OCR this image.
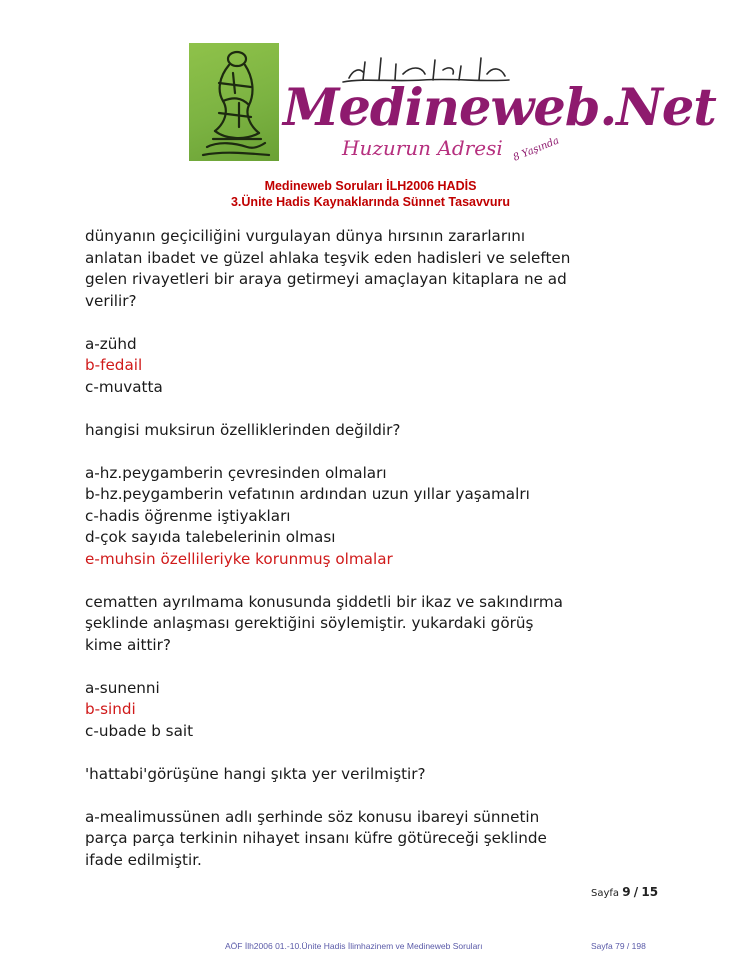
Medineweb.Net
Huzurun Adresi 8 Yaşında
Medineweb Soruları İLH2006 HADİS
3.Ünite Hadis Kaynaklarında Sünnet Tasavvuru

dünyanın geçiciliğini vurgulayan dünya hırsının zararlarını

anlatan ibadet ve güzel ahlaka teşvik eden hadisleri ve seleften

gelen rivayetleri bir araya getirmeyi amaçlayan kitaplara ne ad

verilir?

a-zühd

b-fedail

c-muvatta

hangisi muksirun özelliklerinden değildir?

a-hz.peygamberin çevresinden olmaları

b-hz.peygamberin vefatının ardından uzun yıllar yaşamalrı

c-hadis öğrenme iştiyakları

d-çok sayıda talebelerinin olması

e-muhsin özellileriyke korunmuş olmalar

cematten ayrılmama konusunda şiddetli bir ikaz ve sakındırma

şeklinde anlaşması gerektiğini söylemiştir. yukardaki görüş

kime aittir?

a-sunenni

b-sindi

c-ubade b sait

'hattabi'görüşüne hangi şıkta yer verilmiştir?

a-mealimussünen adlı şerhinde söz konusu ibareyi sünnetin

parça parça terkinin nihayet insanı küfre götüreceği şeklinde

ifade edilmiştir.

Sayfa 9 / 15
AÖF İlh2006 01.-10.Ünite Hadis İlimhazinem ve Medineweb Soruları	Sayfa 79 / 198
